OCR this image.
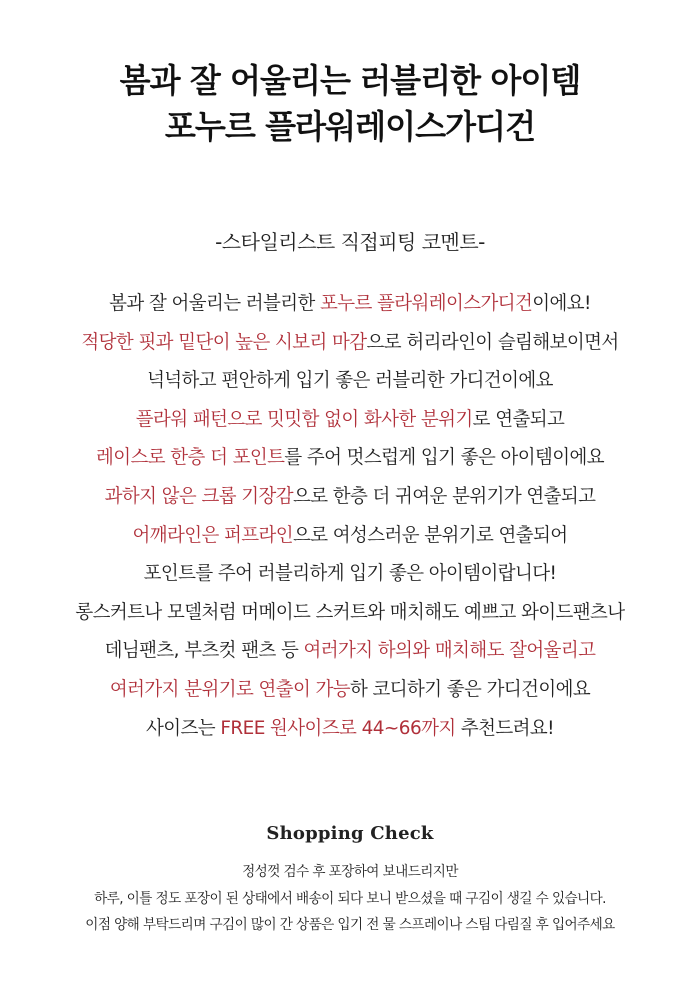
봄과 잘 어울리는 러블리한 아이템
포누르 플라워레이스가디건
-스타일리스트 직접피팅 코멘트-
봄과 잘 어울리는 러블리한 포누르 플라워레이스가디건이에요!
적당한 핏과 밑단이 높은 시보리 마감으로 허리라인이 슬림해보이면서
넉넉하고 편안하게 입기 좋은 러블리한 가디건이에요
플라워 패턴으로 밋밋함 없이 화사한 분위기로 연출되고
레이스로 한층 더 포인트를 주어 멋스럽게 입기 좋은 아이템이에요
과하지 않은 크롭 기장감으로 한층 더 귀여운 분위기가 연출되고
어깨라인은 퍼프라인으로 여성스러운 분위기로 연출되어
포인트를 주어 러블리하게 입기 좋은 아이템이랍니다!
롱스커트나 모델처럼 머메이드 스커트와 매치해도 예쁘고 와이드팬츠나
데님팬츠, 부츠컷 팬츠 등 여러가지 하의와 매치해도 잘어울리고
여러가지 분위기로 연출이 가능하 코디하기 좋은 가디건이에요
사이즈는 FREE 원사이즈로 44~66까지 추천드려요!
Shopping Check
정성껏 검수 후 포장하여 보내드리지만
하루, 이틀 정도 포장이 된 상태에서 배송이 되다 보니 받으셨을 때 구김이 생길 수 있습니다.
이점 양해 부탁드리며 구김이 많이 간 상품은 입기 전 물 스프레이나 스팀 다림질 후 입어주세요
